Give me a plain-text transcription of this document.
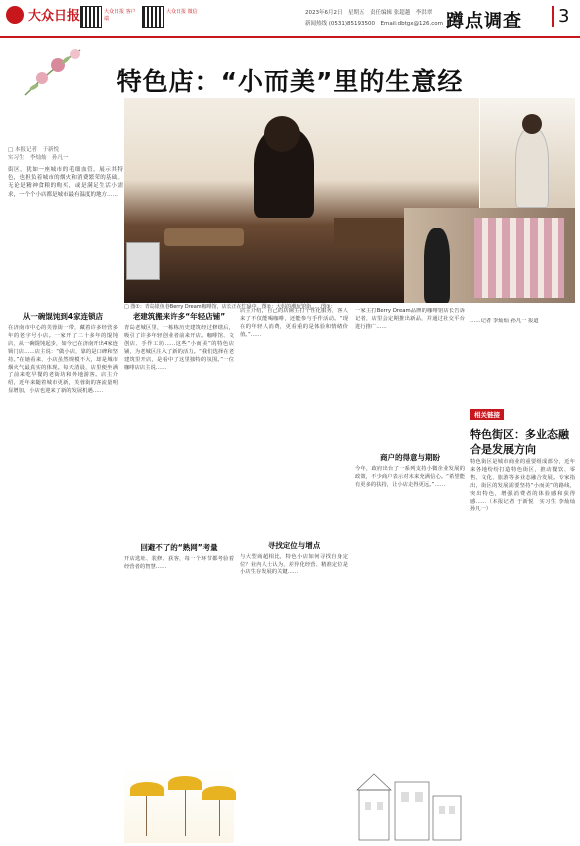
大众日报	大众日报 客户端
大众日报 微信	2023年6月2日　星期五　责任编辑 张超越　李洪翠
新闻热线 (0531)85193500　Email:dbtgx@126.com 蹲点调查	3
特色店：“小而美”里的生意经
□ 本报记者　于新悦
实习生　李灿灿　孙凡一
街区，犹如一座城市的毛细血管，展示其特色，也担负着城市的烟火和消费繁荣的基础。无论是精神食粮的购买，或是满足生活小需求，一个个小店都是城市最有温度的地方……
□ 图①：青岛银鱼巷Berry Dream咖啡馆，店长正在忙碌中。图②：大妈的潮玩馆街……图③：
从一碗馄饨到4家连锁店
在济南市中心的芙蓉街一带，藏着许多经营多年的老字号小店。一家开了二十多年的馄饨店，从一碗馄饨起步，如今已在济南开出4家连锁门店……店主说：“做小店，靠的是口碑和坚持。”在她看来，小店虽然规模不大，却是城市烟火气最真实的体现。每天清晨，店里便坐满了前来吃早餐的老街坊和外地游客。店主介绍，近年来随着城市更新，芙蓉街的客流量明显增加，小店也迎来了新的发展机遇……
老建筑搬来许多“年轻店铺”
青岛老城区里，一栋栋历史建筑经过修缮后，吸引了许多年轻创业者前来开店。咖啡馆、文创店、手作工坊……这些“小而美”的特色店铺，为老城区注入了新的活力。“我们选择在老建筑里开店，是看中了这里独特的氛围。”一位咖啡店店主说……
回避不了的“熟网”考量
开店选址、装修、获客，每一个环节都考验着经营者的智慧……
店主介绍，自己的店铺主打个性化服务，客人来了不仅能喝咖啡，还能参与手作活动。“现在的年轻人消费，更看重的是体验和情绪价值。”……
寻找定位与增点
与大型商超相比，特色小店如何寻找自身定位？业内人士认为，差异化经营、精准定位是小店生存发展的关键……
一家主打Berry Dream品牌的咖啡馆店长告诉记者，店里会定期推出新品，并通过社交平台进行推广……
商户的得意与期盼
今年，政府出台了一系列支持小微企业发展的政策，不少商户表示对未来充满信心。“希望能有更多的扶持，让小店走得更远。”……
……记者 李灿灿 孙凡一 报道
相关链接
特色街区：多业态融合是发展方向
特色街区是城市商业的重要组成部分，近年来各地纷纷打造特色街区，推动餐饮、零售、文化、旅游等多业态融合发展。专家指出，街区的发展需要坚持“小而美”的路线，突出特色，增强消费者的体验感和获得感……（本报记者 于新悦　实习生 李灿灿 孙凡一）
